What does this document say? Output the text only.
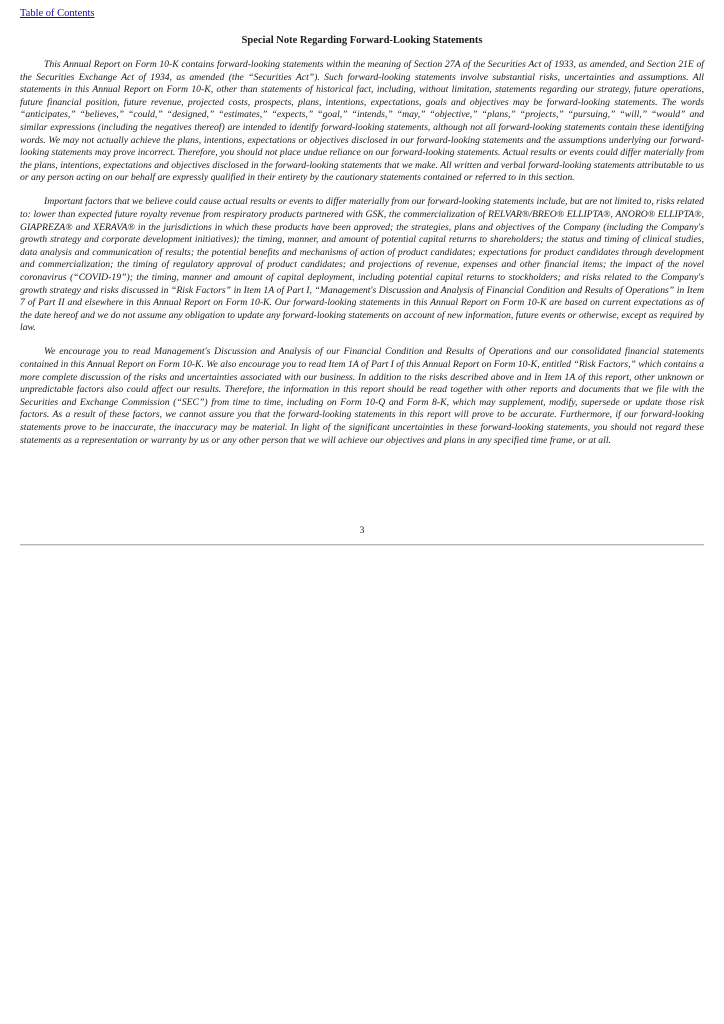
Table of Contents
Special Note Regarding Forward-Looking Statements

This Annual Report on Form 10-K contains forward-looking statements within the meaning of Section 27A of the Securities Act of 1933, as amended, and Section 21E of the Securities Exchange Act of 1934, as amended (the “Securities Act”). Such forward-looking statements involve substantial risks, uncertainties and assumptions. All statements in this Annual Report on Form 10-K, other than statements of historical fact, including, without limitation, statements regarding our strategy, future operations, future financial position, future revenue, projected costs, prospects, plans, intentions, expectations, goals and objectives may be forward-looking statements. The words “anticipates,” “believes,” “could,” “designed,” “estimates,” “expects,” “goal,” “intends,” “may,” “objective,” “plans,” “projects,” “pursuing,” “will,” “would” and similar expressions (including the negatives thereof) are intended to identify forward-looking statements, although not all forward-looking statements contain these identifying words. We may not actually achieve the plans, intentions, expectations or objectives disclosed in our forward-looking statements and the assumptions underlying our forward-looking statements may prove incorrect. Therefore, you should not place undue reliance on our forward-looking statements. Actual results or events could differ materially from the plans, intentions, expectations and objectives disclosed in the forward-looking statements that we make. All written and verbal forward-looking statements attributable to us or any person acting on our behalf are expressly qualified in their entirety by the cautionary statements contained or referred to in this section.

Important factors that we believe could cause actual results or events to differ materially from our forward-looking statements include, but are not limited to, risks related to: lower than expected future royalty revenue from respiratory products partnered with GSK, the commercialization of RELVAR®/BREO® ELLIPTA®, ANORO® ELLIPTA®, GIAPREZA® and XERAVA® in the jurisdictions in which these products have been approved; the strategies, plans and objectives of the Company (including the Company's growth strategy and corporate development initiatives); the timing, manner, and amount of potential capital returns to shareholders; the status and timing of clinical studies, data analysis and communication of results; the potential benefits and mechanisms of action of product candidates; expectations for product candidates through development and commercialization; the timing of regulatory approval of product candidates; and projections of revenue, expenses and other financial items; the impact of the novel coronavirus (“COVID-19”); the timing, manner and amount of capital deployment, including potential capital returns to stockholders; and risks related to the Company's growth strategy and risks discussed in “Risk Factors” in Item 1A of Part I, “Management's Discussion and Analysis of Financial Condition and Results of Operations” in Item 7 of Part II and elsewhere in this Annual Report on Form 10-K. Our forward-looking statements in this Annual Report on Form 10-K are based on current expectations as of the date hereof and we do not assume any obligation to update any forward-looking statements on account of new information, future events or otherwise, except as required by law.

We encourage you to read Management's Discussion and Analysis of our Financial Condition and Results of Operations and our consolidated financial statements contained in this Annual Report on Form 10-K. We also encourage you to read Item 1A of Part I of this Annual Report on Form 10-K, entitled “Risk Factors,” which contains a more complete discussion of the risks and uncertainties associated with our business. In addition to the risks described above and in Item 1A of this report, other unknown or unpredictable factors also could affect our results. Therefore, the information in this report should be read together with other reports and documents that we file with the Securities and Exchange Commission (“SEC”) from time to time, including on Form 10-Q and Form 8-K, which may supplement, modify, supersede or update those risk factors. As a result of these factors, we cannot assure you that the forward-looking statements in this report will prove to be accurate. Furthermore, if our forward-looking statements prove to be inaccurate, the inaccuracy may be material. In light of the significant uncertainties in these forward-looking statements, you should not regard these statements as a representation or warranty by us or any other person that we will achieve our objectives and plans in any specified time frame, or at all.

3
